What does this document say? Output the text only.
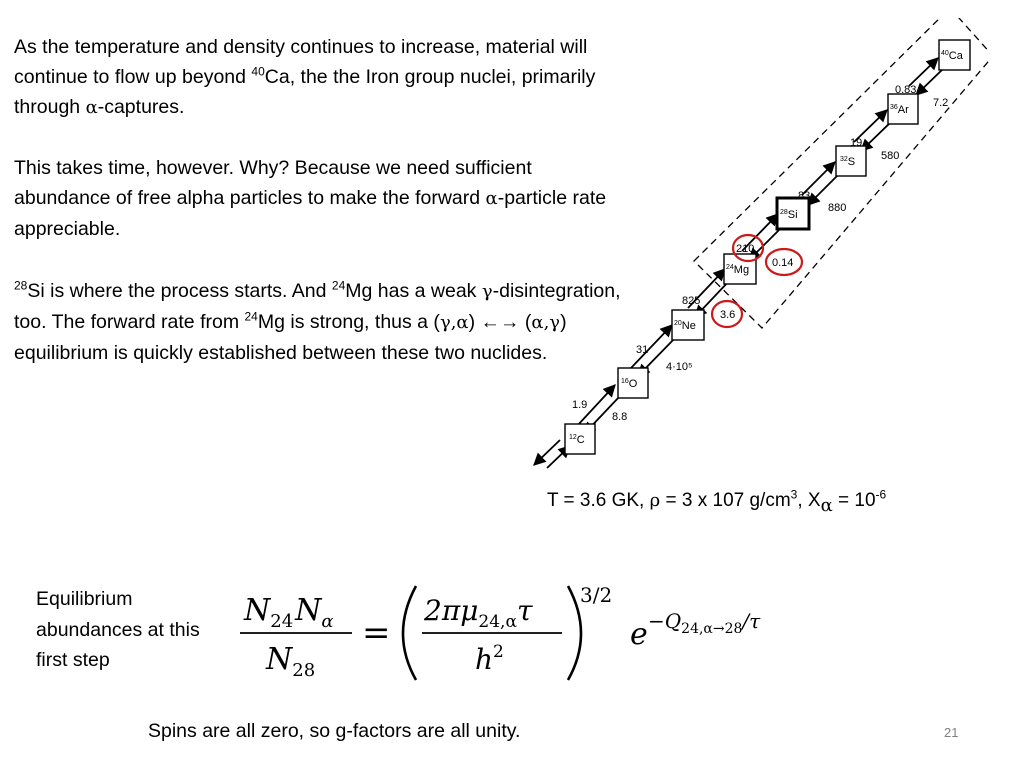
As the temperature and density continues to increase, material will continue to flow up beyond $^{40}$Ca, the the Iron group nuclei, primarily through α-captures.
This takes time, however. Why? Because we need sufficient abundance of free alpha particles to make the forward α-particle rate appreciable.
$^{28}$Si is where the process starts. And $^{24}$Mg has a weak γ-disintegration, too. The forward rate from $^{24}$Mg is strong, thus a (γ,α) ←→ (α,γ) equilibrium is quickly established between these two nuclides.
$^{12}$C
$^{16}$O
$^{20}$Ne
$^{24}$Mg
$^{28}$Si
$^{32}$S
$^{36}$Ar
$^{40}$Ca
1.9
8.8
31
4·10⁵
825
3.6
210
0.14
83
880
19
580
0.83
7.2
T = 3.6 GK, ρ = 3 x 107 $g/cm^3$, $X_\alpha = 10^{-6}$
Equilibrium abundances at this first step
$N_{24}N_\alpha$
$N_{28}$
=
$2\pi\mu_{24,\alpha}\tau$
$h^2$
3/2
$e -Q_{24,\alpha\to 28}/\tau$
Spins are all zero, so g-factors are all unity.	21
